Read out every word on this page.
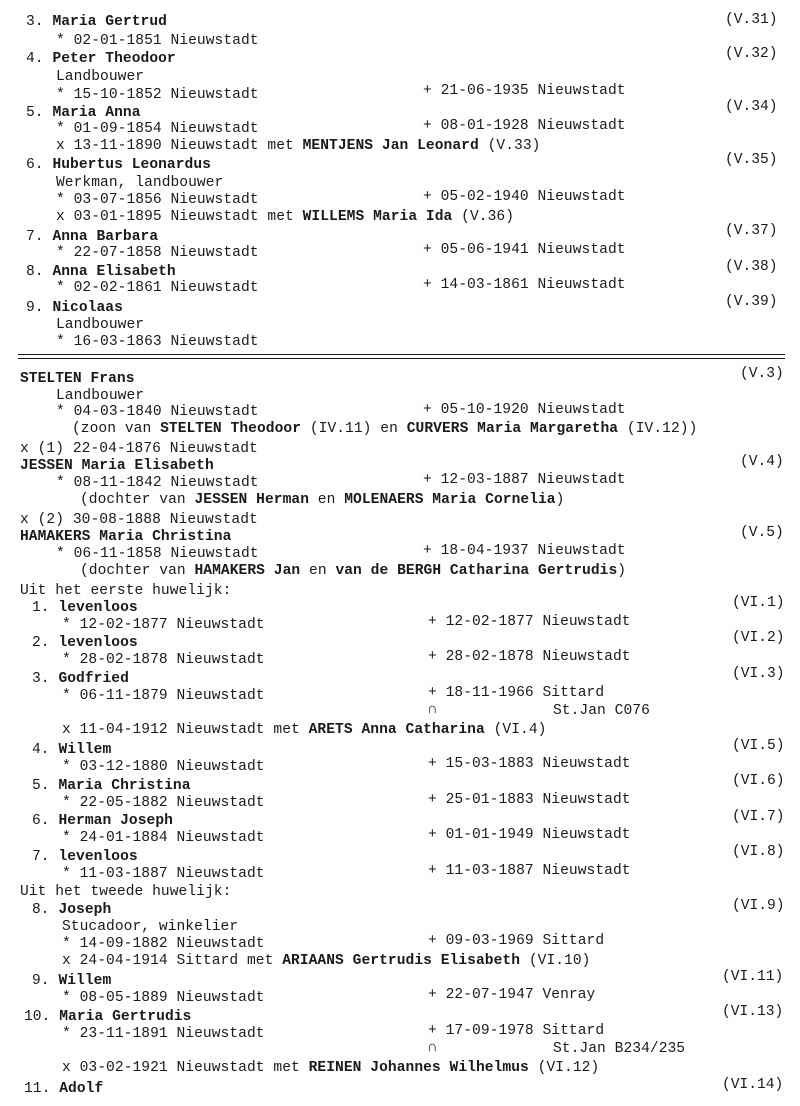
3. Maria Gertrud	(V.31)
* 02-01-1851 Nieuwstadt
4. Peter Theodoor	(V.32)
Landbouwer
* 15-10-1852 Nieuwstadt	+ 21-06-1935 Nieuwstadt
5. Maria Anna	(V.34)
* 01-09-1854 Nieuwstadt	+ 08-01-1928 Nieuwstadt
x 13-11-1890 Nieuwstadt met MENTJENS Jan Leonard (V.33)
6. Hubertus Leonardus	(V.35)
Werkman, landbouwer
* 03-07-1856 Nieuwstadt	+ 05-02-1940 Nieuwstadt
x 03-01-1895 Nieuwstadt met WILLEMS Maria Ida (V.36)
7. Anna Barbara	(V.37)
* 22-07-1858 Nieuwstadt	+ 05-06-1941 Nieuwstadt
8. Anna Elisabeth	(V.38)
* 02-02-1861 Nieuwstadt	+ 14-03-1861 Nieuwstadt
9. Nicolaas	(V.39)
Landbouwer
* 16-03-1863 Nieuwstadt
STELTEN Frans	(V.3)
Landbouwer
* 04-03-1840 Nieuwstadt	+ 05-10-1920 Nieuwstadt
(zoon van STELTEN Theodoor (IV.11) en CURVERS Maria Margaretha (IV.12))
x (1) 22-04-1876 Nieuwstadt
JESSEN Maria Elisabeth	(V.4)
* 08-11-1842 Nieuwstadt	+ 12-03-1887 Nieuwstadt
(dochter van JESSEN Herman en MOLENAERS Maria Cornelia)
x (2) 30-08-1888 Nieuwstadt
HAMAKERS Maria Christina	(V.5)
* 06-11-1858 Nieuwstadt	+ 18-04-1937 Nieuwstadt
(dochter van HAMAKERS Jan en van de BERGH Catharina Gertrudis)
Uit het eerste huwelijk:
1. levenloos	(VI.1)
* 12-02-1877 Nieuwstadt	+ 12-02-1877 Nieuwstadt
2. levenloos	(VI.2)
* 28-02-1878 Nieuwstadt	+ 28-02-1878 Nieuwstadt
3. Godfried	(VI.3)
* 06-11-1879 Nieuwstadt	+ 18-11-1966 Sittard
∩	St.Jan C076
x 11-04-1912 Nieuwstadt met ARETS Anna Catharina (VI.4)
4. Willem	(VI.5)
* 03-12-1880 Nieuwstadt	+ 15-03-1883 Nieuwstadt
5. Maria Christina	(VI.6)
* 22-05-1882 Nieuwstadt	+ 25-01-1883 Nieuwstadt
6. Herman Joseph	(VI.7)
* 24-01-1884 Nieuwstadt	+ 01-01-1949 Nieuwstadt
7. levenloos	(VI.8)
* 11-03-1887 Nieuwstadt	+ 11-03-1887 Nieuwstadt
Uit het tweede huwelijk:
8. Joseph	(VI.9)
Stucadoor, winkelier
* 14-09-1882 Nieuwstadt	+ 09-03-1969 Sittard
x 24-04-1914 Sittard met ARIAANS Gertrudis Elisabeth (VI.10)
9. Willem	(VI.11)
* 08-05-1889 Nieuwstadt	+ 22-07-1947 Venray
10. Maria Gertrudis	(VI.13)
* 23-11-1891 Nieuwstadt	+ 17-09-1978 Sittard
∩	St.Jan B234/235
x 03-02-1921 Nieuwstadt met REINEN Johannes Wilhelmus (VI.12)
11. Adolf	(VI.14)
